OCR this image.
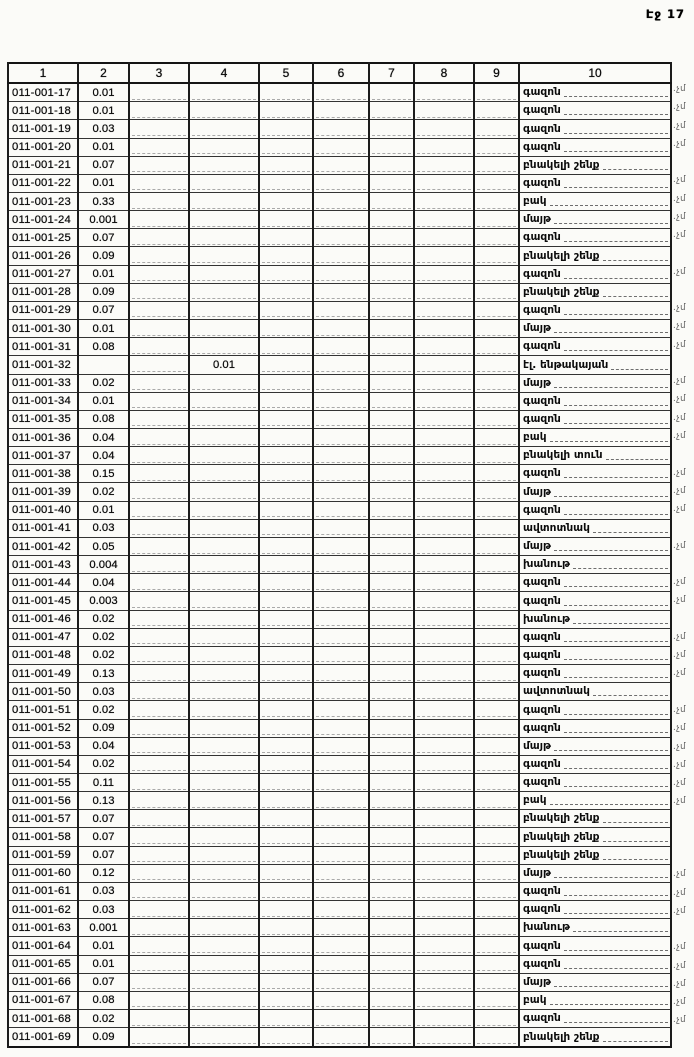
Էջ 17
1	2	3	4	5	6	7	8	9	10
011-001-17	0.01								գազոն

011-001-18	0.01								գազոն

011-001-19	0.03								գազոն

011-001-20	0.01								գազոն

011-001-21	0.07								բնակելի շենք

011-001-22	0.01								գազոն

011-001-23	0.33								բակ

011-001-24	0.001								մայթ

011-001-25	0.07								գազոն

011-001-26	0.09								բնակելի շենք

011-001-27	0.01								գազոն

011-001-28	0.09								բնակելի շենք

011-001-29	0.07								գազոն

011-001-30	0.01								մայթ

011-001-31	0.08								գազոն

011-001-32			0.01						էլ. ենթակայան

011-001-33	0.02								մայթ

011-001-34	0.01								գազոն

011-001-35	0.08								գազոն

011-001-36	0.04								բակ

011-001-37	0.04								բնակելի տուն

011-001-38	0.15								գազոն

011-001-39	0.02								մայթ

011-001-40	0.01								գազոն

011-001-41	0.03								ավտոտնակ

011-001-42	0.05								մայթ

011-001-43	0.004								խանութ

011-001-44	0.04								գազոն

011-001-45	0.003								գազոն

011-001-46	0.02								խանութ

011-001-47	0.02								գազոն

011-001-48	0.02								գազոն

011-001-49	0.13								գազոն

011-001-50	0.03								ավտոտնակ

011-001-51	0.02								գազոն

011-001-52	0.09								գազոն

011-001-53	0.04								մայթ

011-001-54	0.02								գազոն

011-001-55	0.11								գազոն

011-001-56	0.13								բակ

011-001-57	0.07								բնակելի շենք

011-001-58	0.07								բնակելի շենք

011-001-59	0.07								բնակելի շենք

011-001-60	0.12								մայթ

011-001-61	0.03								գազոն

011-001-62	0.03								գազոն

011-001-63	0.001								խանութ

011-001-64	0.01								գազոն

011-001-65	0.01								գազոն

011-001-66	0.07								մայթ

011-001-67	0.08								բակ

011-001-68	0.02								գազոն

011-001-69	0.09								բնակելի շենք
.չմ
.չմ
.չմ
.չմ
.չմ
.չմ
.չմ
.չմ
.չմ
.չմ
.չմ
.չմ
.չմ
.չմ
.չմ
.չմ
.չմ
.չմ
.չմ
.չմ
.չմ
.չմ
.չմ
.չմ
.չմ
.չմ
.չմ
.չմ
.չմ
.չմ
.չմ
.չմ
.չմ
.չմ
.չմ
.չմ
.չմ
.չմ
.չմ
